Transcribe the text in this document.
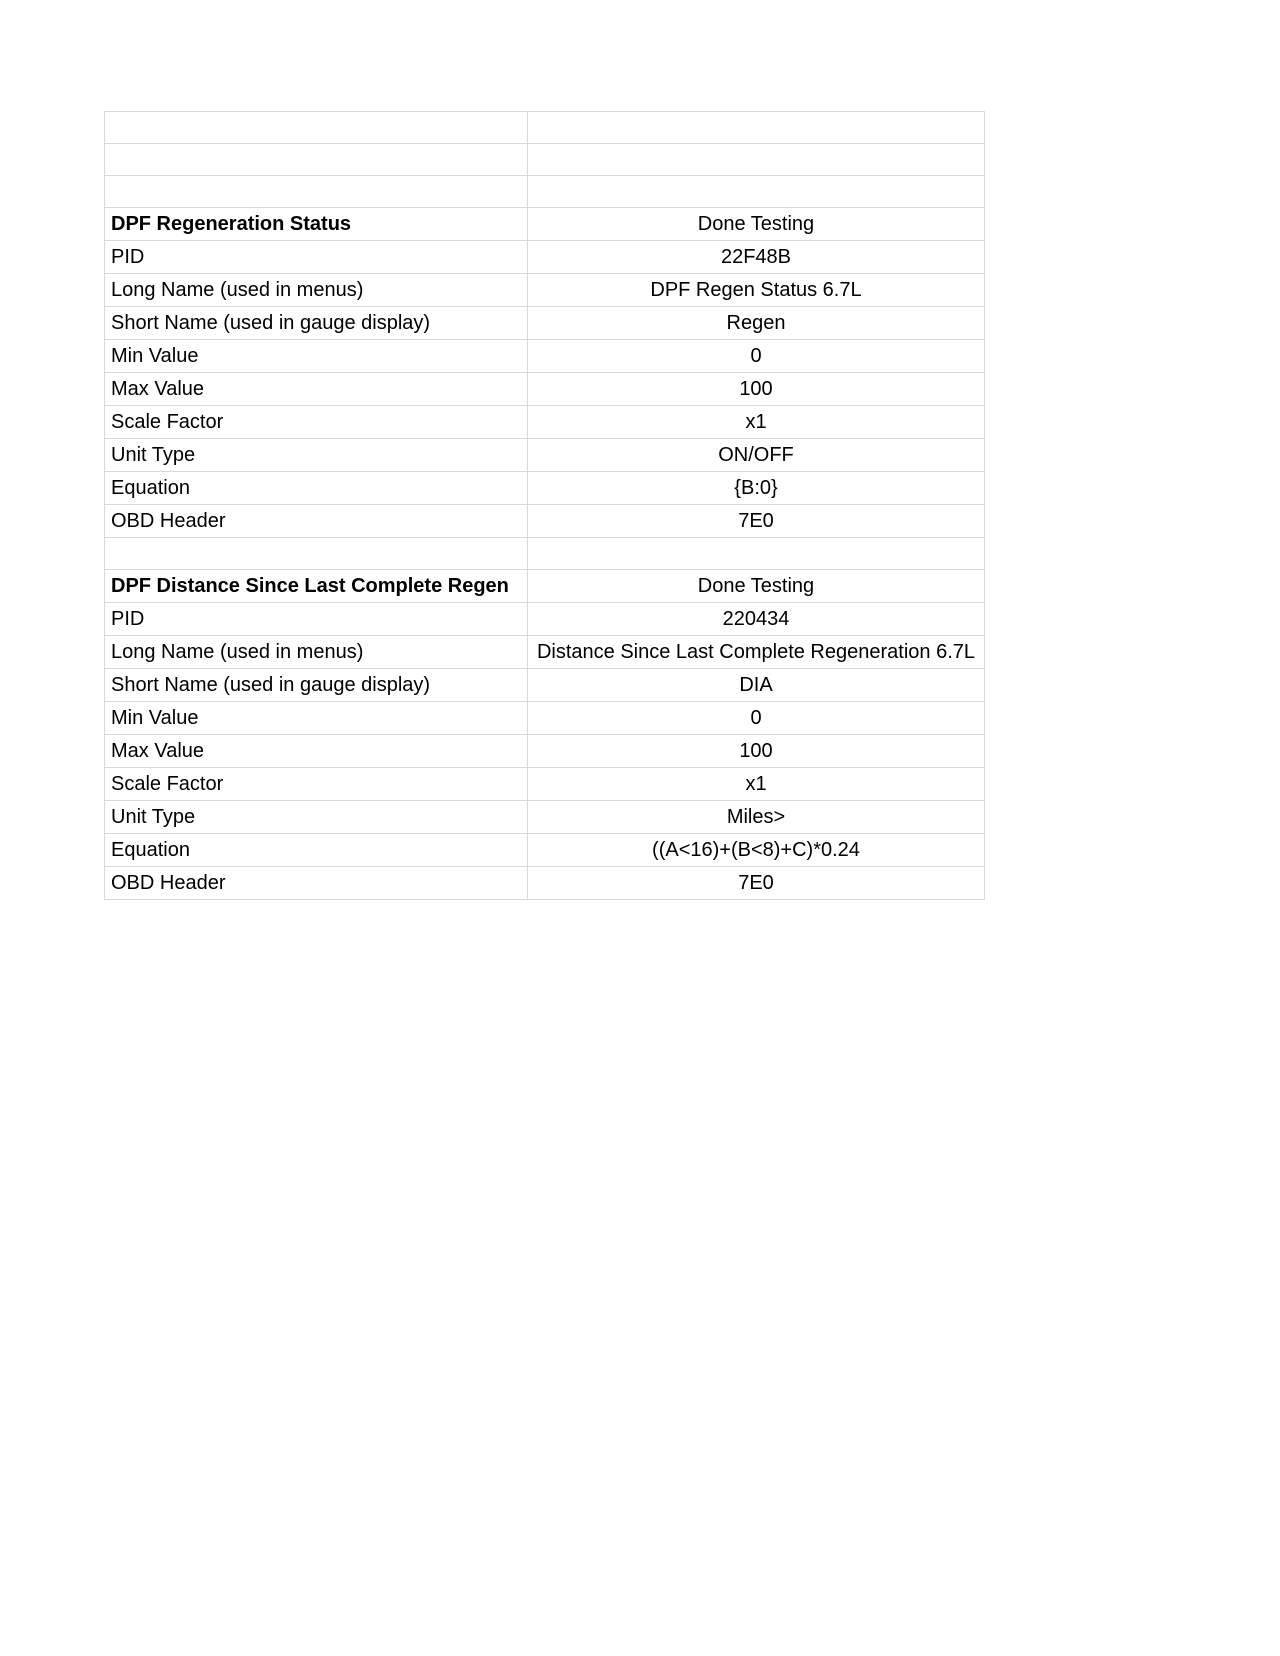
DPF Regeneration Status	Done Testing
PID	22F48B
Long Name (used in menus)	DPF Regen Status 6.7L
Short Name (used in gauge display)	Regen
Min Value	0
Max Value	100
Scale Factor	x1
Unit Type	ON/OFF
Equation	{B:0}
OBD Header	7E0

DPF Distance Since Last Complete Regen	Done Testing
PID	220434
Long Name (used in menus)	Distance Since Last Complete Regeneration 6.7L
Short Name (used in gauge display)	DIA
Min Value	0
Max Value	100
Scale Factor	x1
Unit Type	Miles>
Equation	((A<16)+(B<8)+C)*0.24
OBD Header	7E0
